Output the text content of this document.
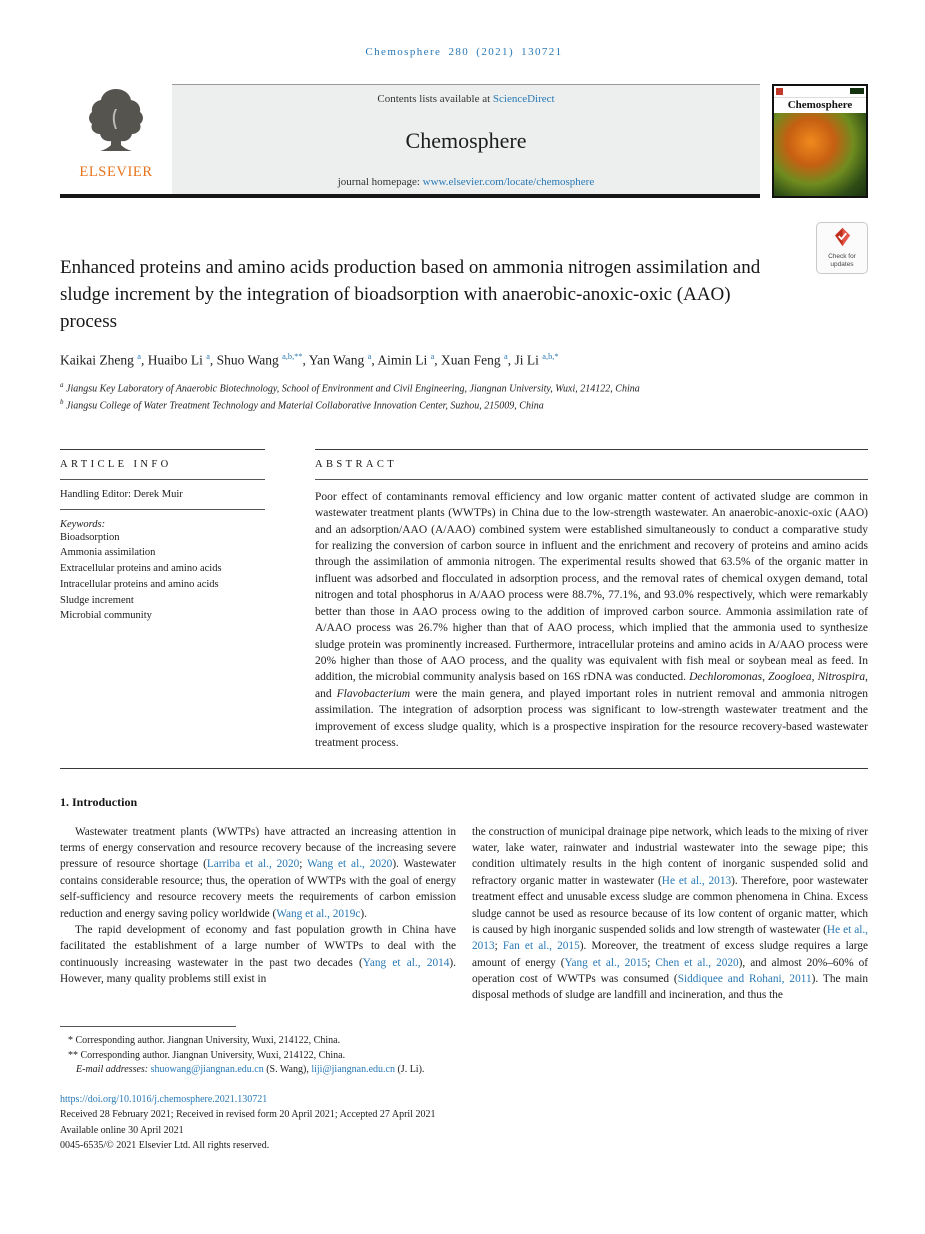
Chemosphere 280 (2021) 130721
ELSEVIER
Contents lists available at ScienceDirect
Chemosphere
journal homepage: www.elsevier.com/locate/chemosphere
Chemosphere
Check for
updates
Enhanced proteins and amino acids production based on ammonia nitrogen assimilation and sludge increment by the integration of bioadsorption with anaerobic-anoxic-oxic (AAO) process

Kaikai Zheng $^a$, Huaibo Li $^a$, Shuo Wang $^{a,b,**}$, Yan Wang $^a$, Aimin Li $^a$, Xuan Feng $^a$, Ji Li $^{a,b,*}$

$^a$ Jiangsu Key Laboratory of Anaerobic Biotechnology, School of Environment and Civil Engineering, Jiangnan University, Wuxi, 214122, China
$^b$ Jiangsu College of Water Treatment Technology and Material Collaborative Innovation Center, Suzhou, 215009, China
ARTICLE INFO
Handling Editor: Derek Muir
Keywords:
Bioadsorption
Ammonia assimilation
Extracellular proteins and amino acids
Intracellular proteins and amino acids
Sludge increment
Microbial community
ABSTRACT

Poor effect of contaminants removal efficiency and low organic matter content of activated sludge are common in wastewater treatment plants (WWTPs) in China due to the low-strength wastewater. An anaerobic-anoxic-oxic (AAO) and an adsorption/AAO (A/AAO) combined system were established simultaneously to conduct a comparative study for realizing the conversion of carbon source in influent and the enrichment and recovery of proteins and amino acids through the assimilation of ammonia nitrogen. The experimental results showed that 63.5% of the organic matter in influent was adsorbed and flocculated in adsorption process, and the removal rates of chemical oxygen demand, total nitrogen and total phosphorus in A/AAO process were 88.7%, 77.1%, and 93.0% respectively, which were remarkably better than those in AAO process owing to the addition of improved carbon source. Ammonia assimilation rate of A/AAO process was 26.7% higher than that of AAO process, which implied that the ammonia used to synthesize sludge protein was prominently increased. Furthermore, intracellular proteins and amino acids in A/AAO process were 20% higher than those of AAO process, and the quality was equivalent with fish meal or soybean meal as feed. In addition, the microbial community analysis based on 16S rDNA was conducted. Dechloromonas, Zoogloea, Nitrospira, and Flavobacterium were the main genera, and played important roles in nutrient removal and ammonia nitrogen assimilation. The integration of adsorption process was significant to low-strength wastewater treatment and the improvement of excess sludge quality, which is a prospective inspiration for the resource recovery-based wastewater treatment process.

1. Introduction

Wastewater treatment plants (WWTPs) have attracted an increasing attention in terms of energy conservation and resource recovery because of the increasing severe pressure of resource shortage (Larriba et al., 2020; Wang et al., 2020). Wastewater contains considerable resource; thus, the operation of WWTPs with the goal of energy self-sufficiency and resource recovery meets the requirements of carbon emission reduction and energy saving policy worldwide (Wang et al., 2019c).

The rapid development of economy and fast population growth in China have facilitated the establishment of a large number of WWTPs to deal with the continuously increasing wastewater in the past two decades (Yang et al., 2014). However, many quality problems still exist in

the construction of municipal drainage pipe network, which leads to the mixing of river water, lake water, rainwater and industrial wastewater into the sewage pipe; this condition ultimately results in the high content of inorganic suspended solid and refractory organic matter in wastewater (He et al., 2013). Therefore, poor wastewater treatment effect and unusable excess sludge are common phenomena in China. Excess sludge cannot be used as resource because of its low content of organic matter, which is caused by high inorganic suspended solids and low strength of wastewater (He et al., 2013; Fan et al., 2015). Moreover, the treatment of excess sludge requires a large amount of energy (Yang et al., 2015; Chen et al., 2020), and almost 20%–60% of operation cost of WWTPs was consumed (Siddiquee and Rohani, 2011). The main disposal methods of sludge are landfill and incineration, and thus the

* Corresponding author. Jiangnan University, Wuxi, 214122, China.
** Corresponding author. Jiangnan University, Wuxi, 214122, China.
E-mail addresses: shuowang@jiangnan.edu.cn (S. Wang), liji@jiangnan.edu.cn (J. Li).
https://doi.org/10.1016/j.chemosphere.2021.130721
Received 28 February 2021; Received in revised form 20 April 2021; Accepted 27 April 2021
Available online 30 April 2021
0045-6535/© 2021 Elsevier Ltd. All rights reserved.
